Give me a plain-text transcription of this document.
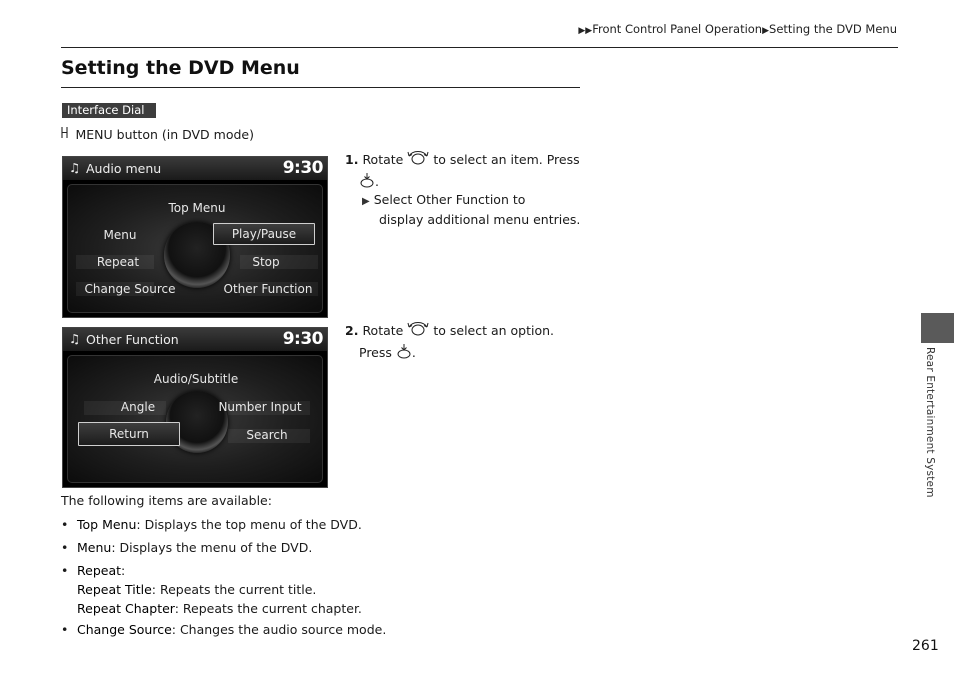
▶▶Front Control Panel Operation▶Setting the DVD Menu
Setting the DVD Menu
Interface Dial
MENU button (in DVD mode)
♫ Audio menu	9:30
Top Menu
Menu	Play/Pause
Repeat	Stop
Change Source	Other Function
♫ Other Function	9:30
Audio/Subtitle
Angle	Number Input
Return	Search
1. Rotate to select an item. Press
.
▶ Select Other Function to
display additional menu entries.
2. Rotate to select an option.
Press .
The following items are available:
• Top Menu: Displays the top menu of the DVD.
• Menu: Displays the menu of the DVD.
• Repeat:
Repeat Title: Repeats the current title.
Repeat Chapter: Repeats the current chapter.
• Change Source: Changes the audio source mode.
Rear Entertainment System
261
